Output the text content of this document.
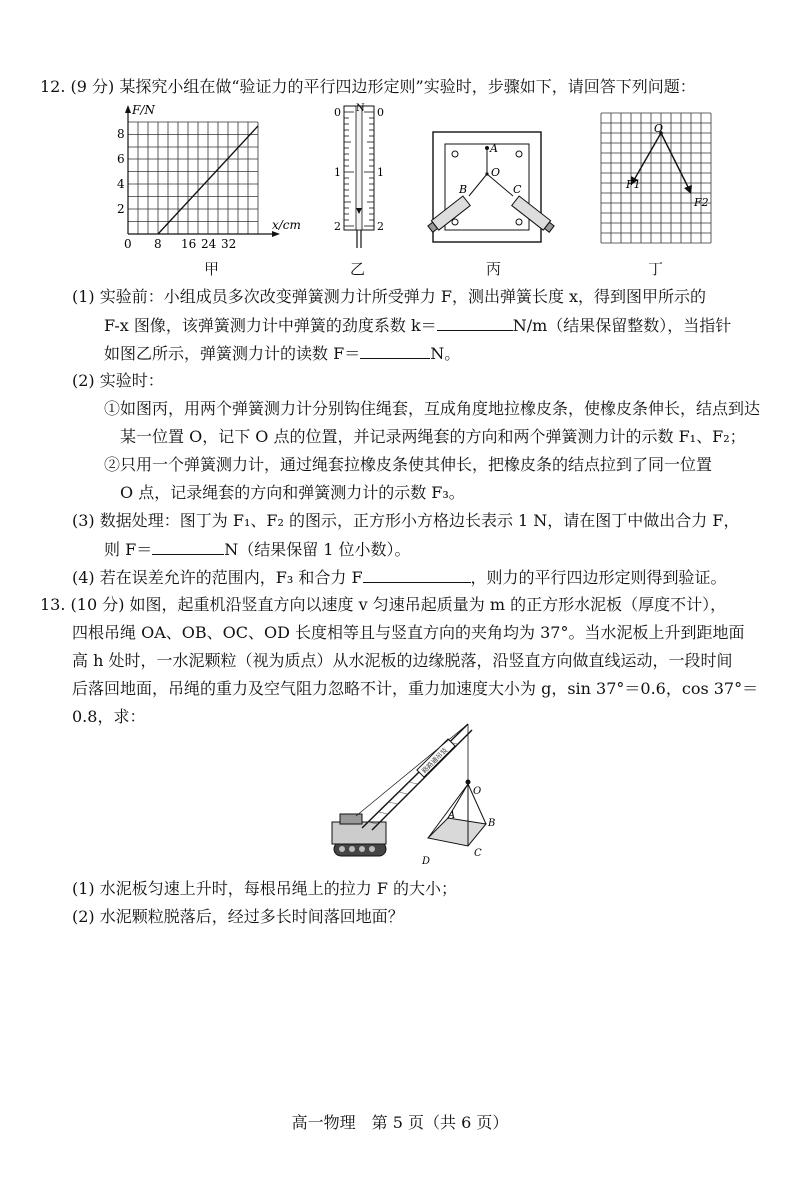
12. (9 分) 某探究小组在做“验证力的平行四边形定则”实验时，步骤如下，请回答下列问题：
F/N
x/cm
8
6
4
2
0 8 16 24 32
甲
N
0	0
1	1
2	2
乙
A
O
B	C
丙
O
F1
F2
丁
(1) 实验前：小组成员多次改变弹簧测力计所受弹力 F，测出弹簧长度 x，得到图甲所示的
F-x 图像，该弹簧测力计中弹簧的劲度系数 k＝	N/m（结果保留整数），当指针
如图乙所示，弹簧测力计的读数 F＝	N。
(2) 实验时：
①如图丙，用两个弹簧测力计分别钩住绳套，互成角度地拉橡皮条，使橡皮条伸长，结点到达
某一位置 O，记下 O 点的位置，并记录两绳套的方向和两个弹簧测力计的示数 F₁、F₂；
②只用一个弹簧测力计，通过绳套拉橡皮条使其伸长，把橡皮条的结点拉到了同一位置
O 点，记录绳套的方向和弹簧测力计的示数 F₃。
(3) 数据处理：图丁为 F₁、F₂ 的图示，正方形小方格边长表示 1 N，请在图丁中做出合力 F，
则 F＝	N（结果保留 1 位小数）。
(4) 若在误差允许的范围内，F₃ 和合力 F	，则力的平行四边形定则得到验证。
13. (10 分) 如图，起重机沿竖直方向以速度 v 匀速吊起质量为 m 的正方形水泥板（厚度不计），
四根吊绳 OA、OB、OC、OD 长度相等且与竖直方向的夹角均为 37°。当水泥板上升到距地面
高 h 处时，一水泥颗粒（视为质点）从水泥板的边缘脱落，沿竖直方向做直线运动，一段时间
后落回地面，吊绳的重力及空气阻力忽略不计，重力加速度大小为 g，sin 37°＝0.6，cos 37°＝
0.8，求：
路路通吊装
O
A
B
C
D
(1) 水泥板匀速上升时，每根吊绳上的拉力 F 的大小；
(2) 水泥颗粒脱落后，经过多长时间落回地面？
高一物理　第 5 页（共 6 页）
